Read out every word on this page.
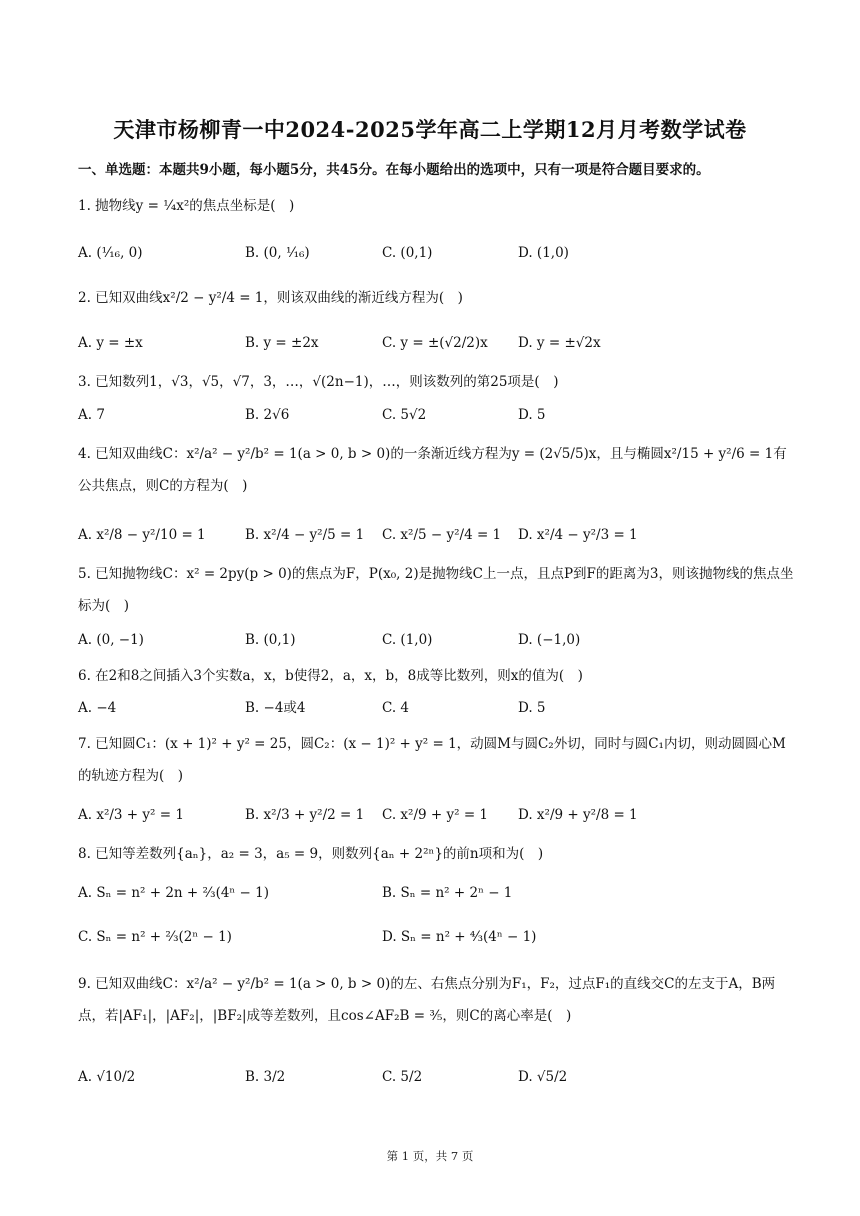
天津市杨柳青一中2024-2025学年高二上学期12月月考数学试卷
一、单选题：本题共9小题，每小题5分，共45分。在每小题给出的选项中，只有一项是符合题目要求的。
1. 抛物线y = ¹⁄₄x²的焦点坐标是(　)
A. (¹⁄₁₆, 0)	B. (0, ¹⁄₁₆)	C. (0,1)	D. (1,0)
2. 已知双曲线x²/2 − y²/4 = 1，则该双曲线的渐近线方程为(　)
A. y = ±x	B. y = ±2x	C. y = ±(√2/2)x D. y = ±√2x
3. 已知数列1，√3，√5，√7，3，…，√(2n−1)，…，则该数列的第25项是(　)
A. 7	B. 2√6	C. 5√2	D. 5
4. 已知双曲线C：x²/a² − y²/b² = 1(a > 0, b > 0)的一条渐近线方程为y = (2√5/5)x，且与椭圆x²/15 + y²/6 = 1有公共焦点，则C的方程为(　)
A. x²/8 − y²/10 = 1	B. x²/4 − y²/5 = 1 C. x²/5 − y²/4 = 1 D. x²/4 − y²/3 = 1
5. 已知抛物线C：x² = 2py(p > 0)的焦点为F，P(x₀, 2)是抛物线C上一点，且点P到F的距离为3，则该抛物线的焦点坐标为(　)
A. (0, −1)	B. (0,1)	C. (1,0)	D. (−1,0)
6. 在2和8之间插入3个实数a，x，b使得2，a，x，b，8成等比数列，则x的值为(　)
A. −4	B. −4或4	C. 4	D. 5
7. 已知圆C₁：(x + 1)² + y² = 25，圆C₂：(x − 1)² + y² = 1，动圆M与圆C₂外切，同时与圆C₁内切，则动圆圆心M的轨迹方程为(　)
A. x²/3 + y² = 1	B. x²/3 + y²/2 = 1 C. x²/9 + y² = 1 D. x²/9 + y²/8 = 1
8. 已知等差数列{aₙ}，a₂ = 3，a₅ = 9，则数列{aₙ + 2²ⁿ}的前n项和为(　)
A. Sₙ = n² + 2n + ²⁄₃(4ⁿ − 1)	B. Sₙ = n² + 2ⁿ − 1
C. Sₙ = n² + ²⁄₃(2ⁿ − 1)	D. Sₙ = n² + ⁴⁄₃(4ⁿ − 1)
9. 已知双曲线C：x²/a² − y²/b² = 1(a > 0, b > 0)的左、右焦点分别为F₁，F₂，过点F₁的直线交C的左支于A，B两点，若|AF₁|，|AF₂|，|BF₂|成等差数列，且cos∠AF₂B = ³⁄₅，则C的离心率是(　)
A. √10/2	B. 3/2	C. 5/2	D. √5/2
第 1 页，共 7 页
